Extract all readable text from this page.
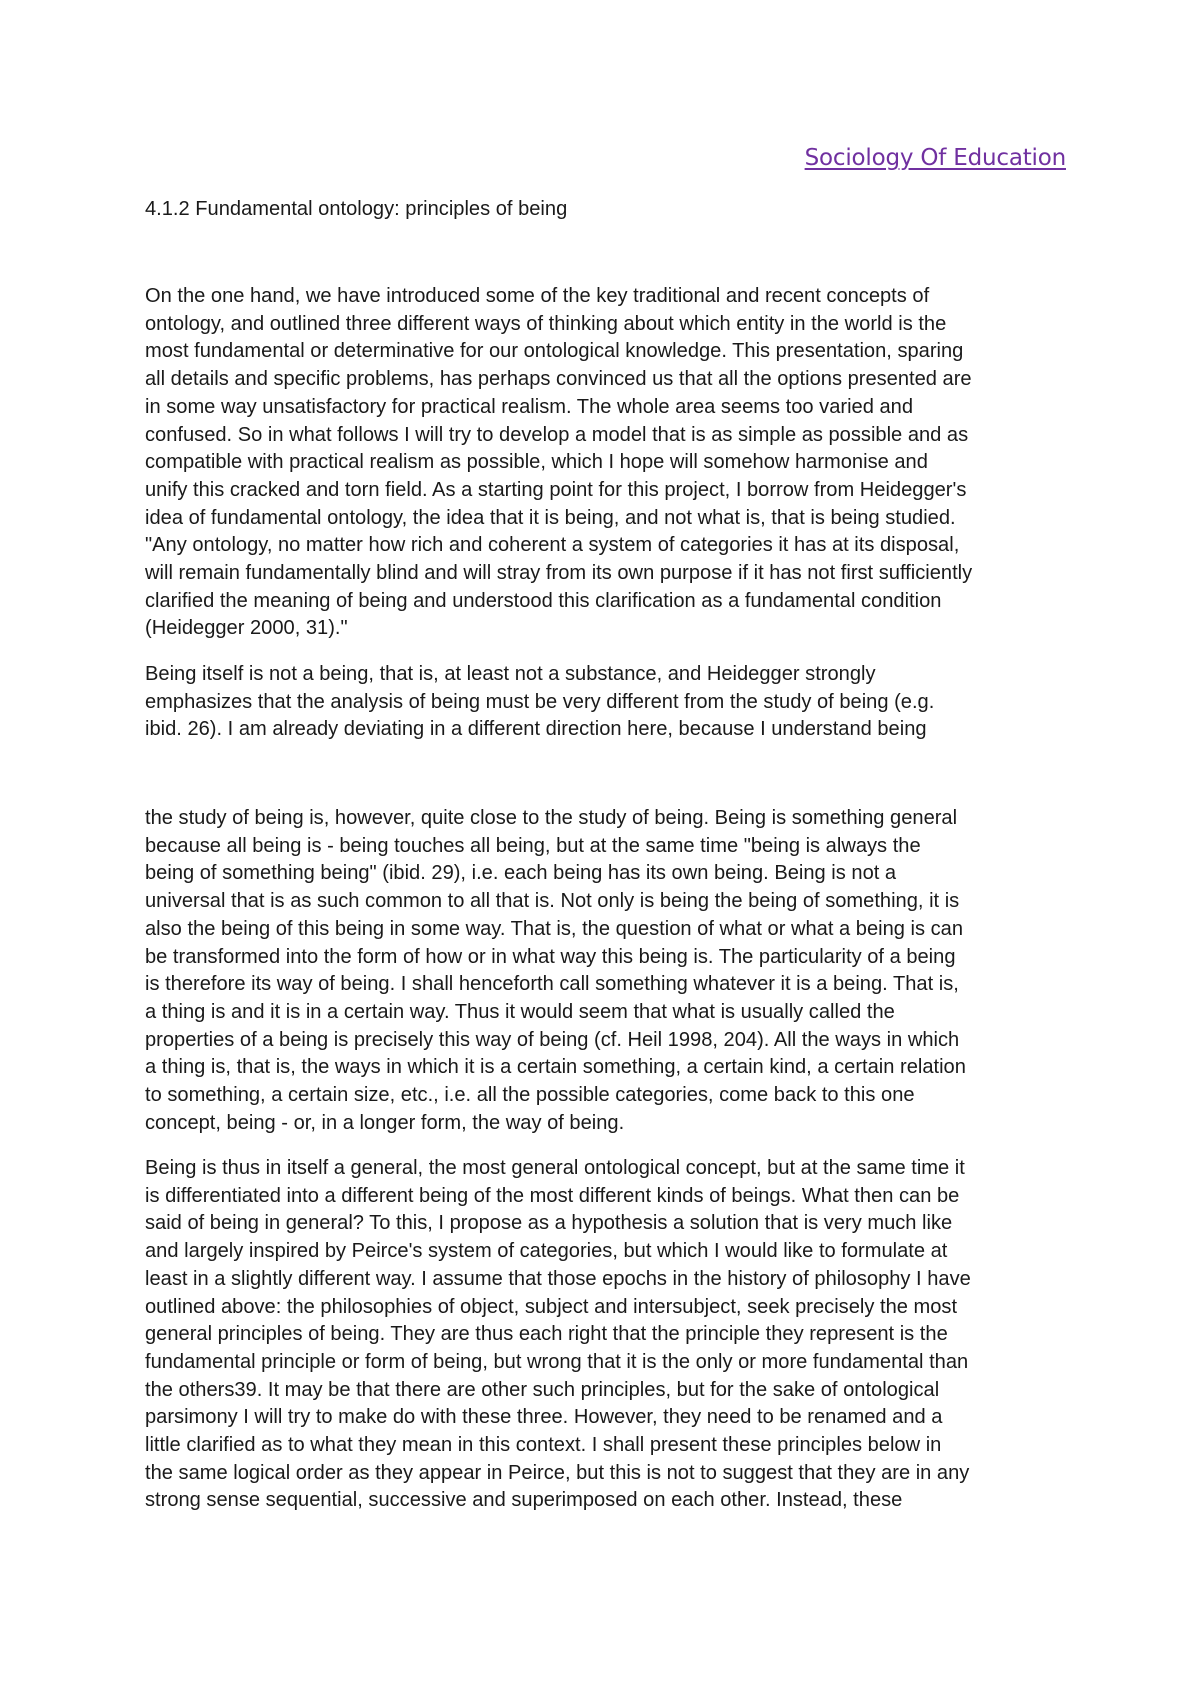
Sociology Of Education
4.1.2 Fundamental ontology: principles of being
On the one hand, we have introduced some of the key traditional and recent concepts of
ontology, and outlined three different ways of thinking about which entity in the world is the
most fundamental or determinative for our ontological knowledge. This presentation, sparing
all details and specific problems, has perhaps convinced us that all the options presented are
in some way unsatisfactory for practical realism. The whole area seems too varied and
confused. So in what follows I will try to develop a model that is as simple as possible and as
compatible with practical realism as possible, which I hope will somehow harmonise and
unify this cracked and torn field. As a starting point for this project, I borrow from Heidegger's
idea of fundamental ontology, the idea that it is being, and not what is, that is being studied.
"Any ontology, no matter how rich and coherent a system of categories it has at its disposal,
will remain fundamentally blind and will stray from its own purpose if it has not first sufficiently
clarified the meaning of being and understood this clarification as a fundamental condition
(Heidegger 2000, 31)."
Being itself is not a being, that is, at least not a substance, and Heidegger strongly
emphasizes that the analysis of being must be very different from the study of being (e.g.
ibid. 26). I am already deviating in a different direction here, because I understand being
the study of being is, however, quite close to the study of being. Being is something general
because all being is - being touches all being, but at the same time "being is always the
being of something being" (ibid. 29), i.e. each being has its own being. Being is not a
universal that is as such common to all that is. Not only is being the being of something, it is
also the being of this being in some way. That is, the question of what or what a being is can
be transformed into the form of how or in what way this being is. The particularity of a being
is therefore its way of being. I shall henceforth call something whatever it is a being. That is,
a thing is and it is in a certain way. Thus it would seem that what is usually called the
properties of a being is precisely this way of being (cf. Heil 1998, 204). All the ways in which
a thing is, that is, the ways in which it is a certain something, a certain kind, a certain relation
to something, a certain size, etc., i.e. all the possible categories, come back to this one
concept, being - or, in a longer form, the way of being.
Being is thus in itself a general, the most general ontological concept, but at the same time it
is differentiated into a different being of the most different kinds of beings. What then can be
said of being in general? To this, I propose as a hypothesis a solution that is very much like
and largely inspired by Peirce's system of categories, but which I would like to formulate at
least in a slightly different way. I assume that those epochs in the history of philosophy I have
outlined above: the philosophies of object, subject and intersubject, seek precisely the most
general principles of being. They are thus each right that the principle they represent is the
fundamental principle or form of being, but wrong that it is the only or more fundamental than
the others39. It may be that there are other such principles, but for the sake of ontological
parsimony I will try to make do with these three. However, they need to be renamed and a
little clarified as to what they mean in this context. I shall present these principles below in
the same logical order as they appear in Peirce, but this is not to suggest that they are in any
strong sense sequential, successive and superimposed on each other. Instead, these
